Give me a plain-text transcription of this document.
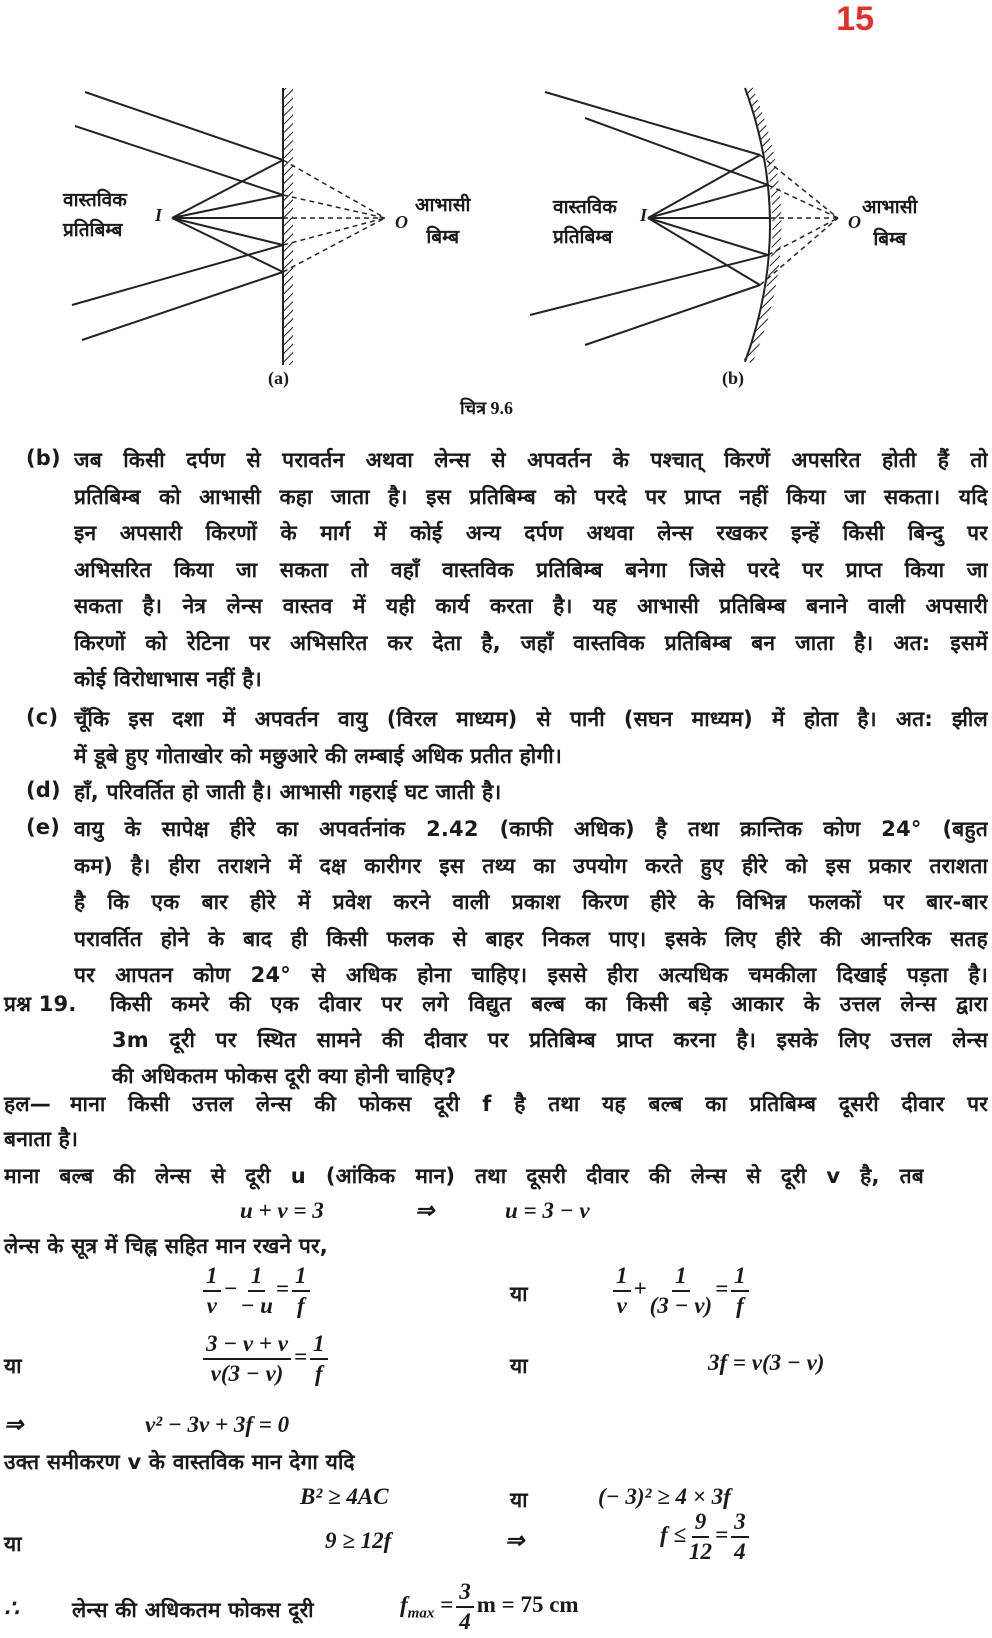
15
वास्तविक
प्रतिबिम्ब
I	O
आभासी
बिम्ब
(a)
वास्तविक
प्रतिबिम्ब
I	O
आभासी
बिम्ब
(b)
चित्र 9.6
(b) जब किसी दर्पण से परावर्तन अथवा लेन्स से अपवर्तन के पश्चात् किरणें अपसरित होती हैं तो
प्रतिबिम्ब को आभासी कहा जाता है। इस प्रतिबिम्ब को परदे पर प्राप्त नहीं किया जा सकता। यदि
इन अपसारी किरणों के मार्ग में कोई अन्य दर्पण अथवा लेन्स रखकर इन्हें किसी बिन्दु पर
अभिसरित किया जा सकता तो वहाँ वास्तविक प्रतिबिम्ब बनेगा जिसे परदे पर प्राप्त किया जा
सकता है। नेत्र लेन्स वास्तव में यही कार्य करता है। यह आभासी प्रतिबिम्ब बनाने वाली अपसारी
किरणों को रेटिना पर अभिसरित कर देता है, जहाँ वास्तविक प्रतिबिम्ब बन जाता है। अत: इसमें
कोई विरोधाभास नहीं है।
(c) चूँकि इस दशा में अपवर्तन वायु (विरल माध्यम) से पानी (सघन माध्यम) में होता है। अत: झील
में डूबे हुए गोताखोर को मछुआरे की लम्बाई अधिक प्रतीत होगी।
(d) हाँ, परिवर्तित हो जाती है। आभासी गहराई घट जाती है।
(e) वायु के सापेक्ष हीरे का अपवर्तनांक 2.42 (काफी अधिक) है तथा क्रान्तिक कोण 24° (बहुत
कम) है। हीरा तराशने में दक्ष कारीगर इस तथ्य का उपयोग करते हुए हीरे को इस प्रकार तराशता
है कि एक बार हीरे में प्रवेश करने वाली प्रकाश किरण हीरे के विभिन्न फलकों पर बार-बार
परावर्तित होने के बाद ही किसी फलक से बाहर निकल पाए। इसके लिए हीरे की आन्तरिक सतह
पर आपतन कोण 24° से अधिक होना चाहिए। इससे हीरा अत्यधिक चमकीला दिखाई पड़ता है।
प्रश्न 19. किसी कमरे की एक दीवार पर लगे विद्युत बल्ब का किसी बड़े आकार के उत्तल लेन्स द्वारा
3m दूरी पर स्थित सामने की दीवार पर प्रतिबिम्ब प्राप्त करना है। इसके लिए उत्तल लेन्स
की अधिकतम फोकस दूरी क्या होनी चाहिए?
हल— माना किसी उत्तल लेन्स की फोकस दूरी f है तथा यह बल्ब का प्रतिबिम्ब दूसरी दीवार पर
बनाता है।
माना बल्ब की लेन्स से दूरी u (आंकिक मान) तथा दूसरी दीवार की लेन्स से दूरी v है, तब
u + v = 3	⇒	u = 3 − v
लेन्स के सूत्र में चिह्न सहित मान रखने पर,
$\frac{1}{v} - \frac{1}{- u} = \frac{1}{f}$	या	$\frac{1}{v} + \frac{1}{(3 - v)} = \frac{1}{f}$
या	$\frac{3 - v + v}{v(3 - v)} = \frac{1}{f}$	या	3f = v(3 − v)
⇒	v² − 3v + 3f = 0
उक्त समीकरण v के वास्तविक मान देगा यदि
B² ≥ 4AC	या	(− 3)² ≥ 4 × 3f
या	9 ≥ 12f	⇒	$f \le \frac{9}{12} = \frac{3}{4}$
∴	लेन्स की अधिकतम फोकस दूरी	$f_{max} = \frac{3}{4}$ m = 75 cm
